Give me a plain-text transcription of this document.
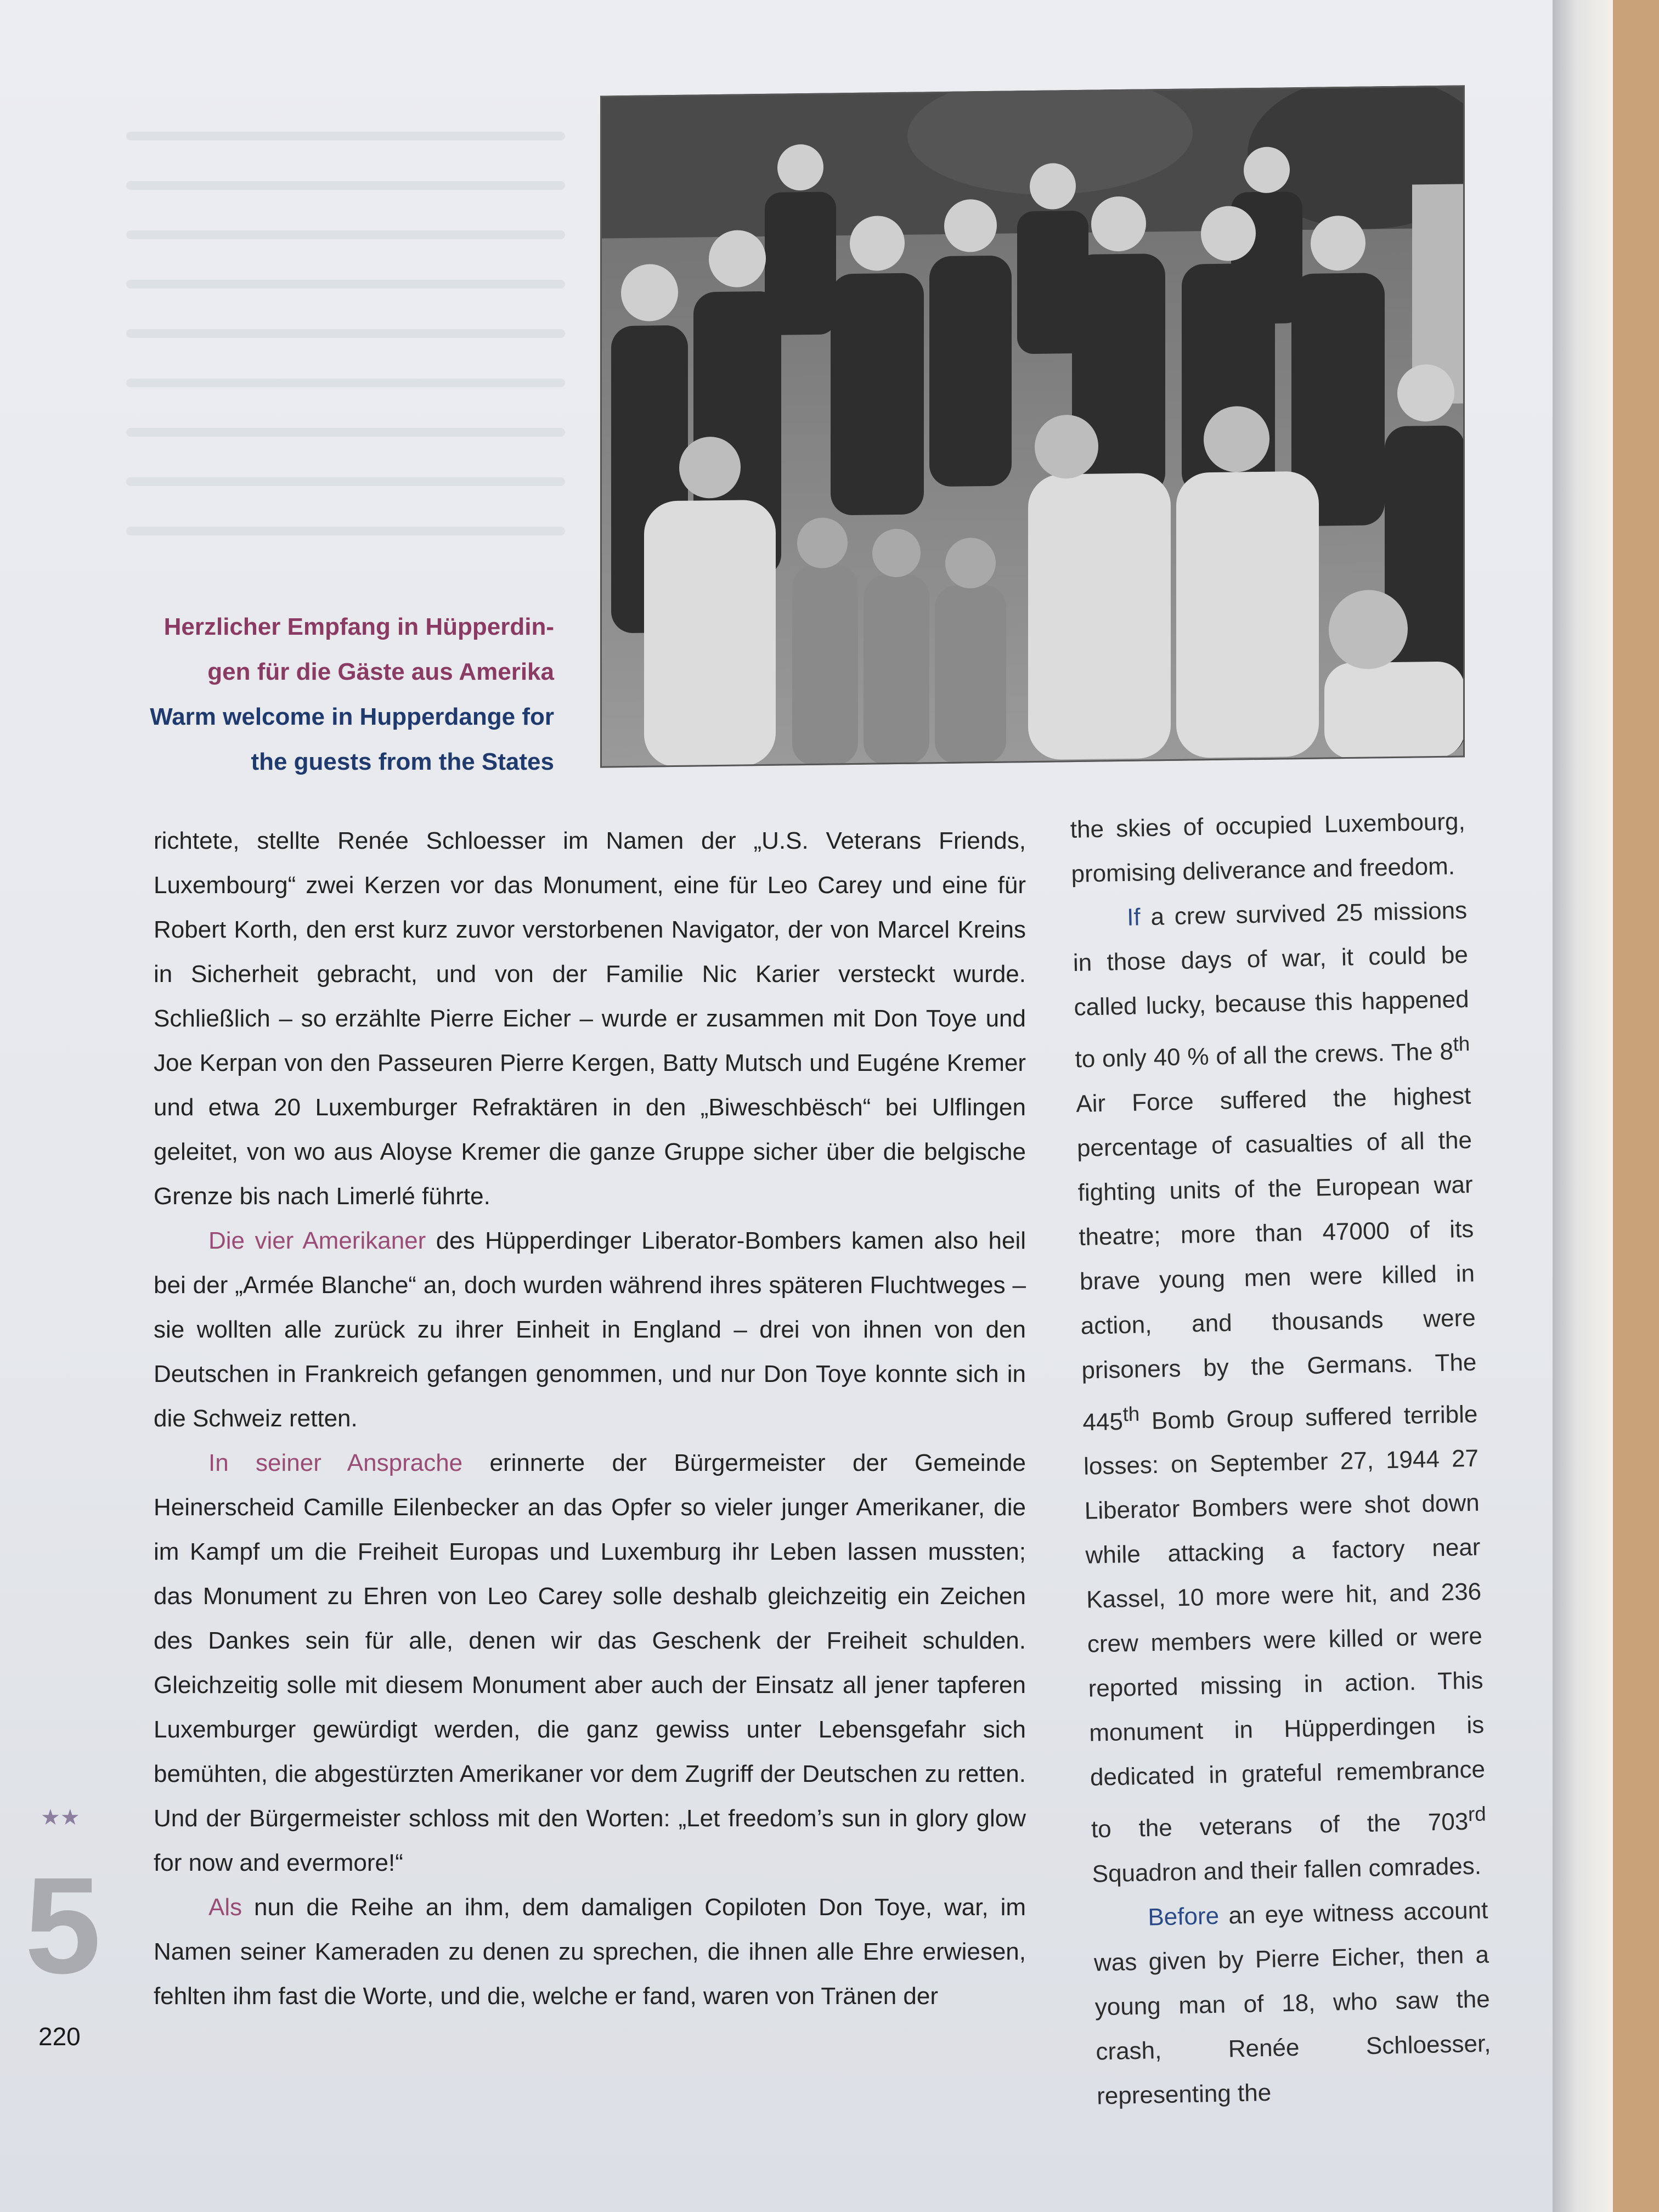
Herzlicher Empfang in Hüpperdin-
gen für die Gäste aus Amerika
Warm welcome in Hupperdange for
the guests from the States

richtete, stellte Renée Schloesser im Namen der „U.S. Veterans Friends, Luxembourg“ zwei Kerzen vor das Monument, eine für Leo Carey und eine für Robert Korth, den erst kurz zuvor verstorbenen Navigator, der von Marcel Kreins in Sicherheit gebracht, und von der Familie Nic Karier versteckt wurde. Schließlich – so erzählte Pierre Eicher – wurde er zusammen mit Don Toye und Joe Kerpan von den Passeuren Pierre Kergen, Batty Mutsch und Eugéne Kremer und etwa 20 Luxemburger Refraktären in den „Biweschbësch“ bei Ulflingen geleitet, von wo aus Aloyse Kremer die ganze Gruppe sicher über die belgische Grenze bis nach Limerlé führte.

Die vier Amerikaner des Hüpperdinger Liberator-Bombers kamen also heil bei der „Armée Blanche“ an, doch wurden während ihres späteren Fluchtweges – sie wollten alle zurück zu ihrer Einheit in England – drei von ihnen von den Deutschen in Frankreich gefangen genommen, und nur Don Toye konnte sich in die Schweiz retten.

In seiner Ansprache erinnerte der Bürgermeister der Gemeinde Heinerscheid Camille Eilenbecker an das Opfer so vieler junger Amerikaner, die im Kampf um die Freiheit Europas und Luxemburg ihr Leben lassen mussten; das Monument zu Ehren von Leo Carey solle deshalb gleichzeitig ein Zeichen des Dankes sein für alle, denen wir das Geschenk der Freiheit schulden. Gleichzeitig solle mit diesem Monument aber auch der Einsatz all jener tapferen Luxemburger gewürdigt werden, die ganz gewiss unter Lebensgefahr sich bemühten, die abgestürzten Amerikaner vor dem Zugriff der Deutschen zu retten. Und der Bürgermeister schloss mit den Worten: „Let freedom’s sun in glory glow for now and evermore!“

Als nun die Reihe an ihm, dem damaligen Copiloten Don Toye, war, im Namen seiner Kameraden zu denen zu sprechen, die ihnen alle Ehre erwiesen, fehlten ihm fast die Worte, und die, welche er fand, waren von Tränen der

the skies of occupied Luxembourg, promising deliverance and freedom.

If a crew survived 25 missions in those days of war, it could be called lucky, because this happened to only 40 % of all the crews. The 8th Air Force suffered the highest percentage of casualties of all the fighting units of the European war theatre; more than 47000 of its brave young men were killed in action, and thousands were prisoners by the Germans. The 445th Bomb Group suffered terrible losses: on September 27, 1944 27 Liberator Bombers were shot down while attacking a factory near Kassel, 10 more were hit, and 236 crew members were killed or were reported missing in action. This monument in Hüpperdingen is dedicated in grateful remembrance to the veterans of the 703rd Squadron and their fallen comrades.

Before an eye witness account was given by Pierre Eicher, then a young man of 18, who saw the crash, Renée Schloesser, representing the

★★
5
220
